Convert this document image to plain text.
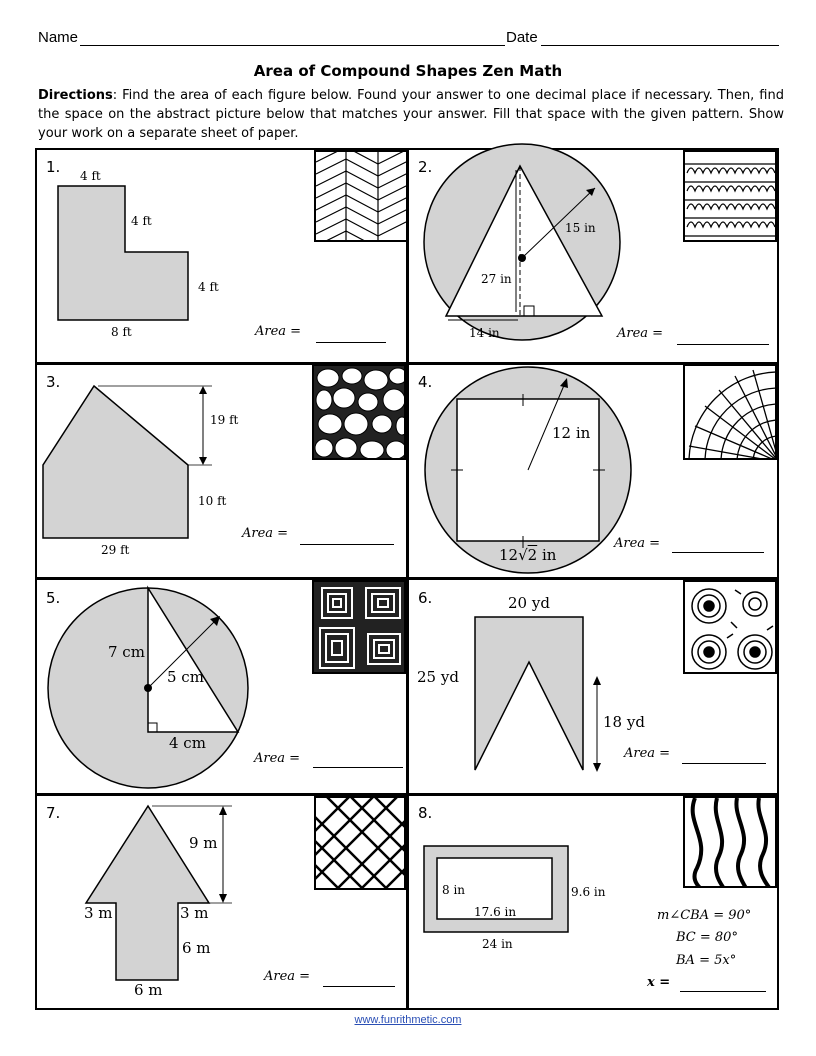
Name	Date
Area of Compound Shapes Zen Math
Directions: Find the area of each figure below. Found your answer to one decimal place if necessary. Then, find the space on the abstract picture below that matches your answer. Fill that space with the given pattern. Show your work on a separate sheet of paper.
1. 4 ft
4 ft
4 ft
8 ft	Area =
2.
15 in
27 in
14 in	Area =
3.
19 ft
10 ft
29 ft
Area =
4.
12 in
12√2 in
Area =
5.
7 cm
5 cm
4 cm
Area =
6.	20 yd
25 yd
18 yd
Area =
7.
9 m
3 m	3 m
6 m
6 m
Area =
8.
8 in	9.6 in
17.6 in
24 in
m∠CBA = 90°
BC = 80°
BA = 5x°
x =
www.funrithmetic.com
